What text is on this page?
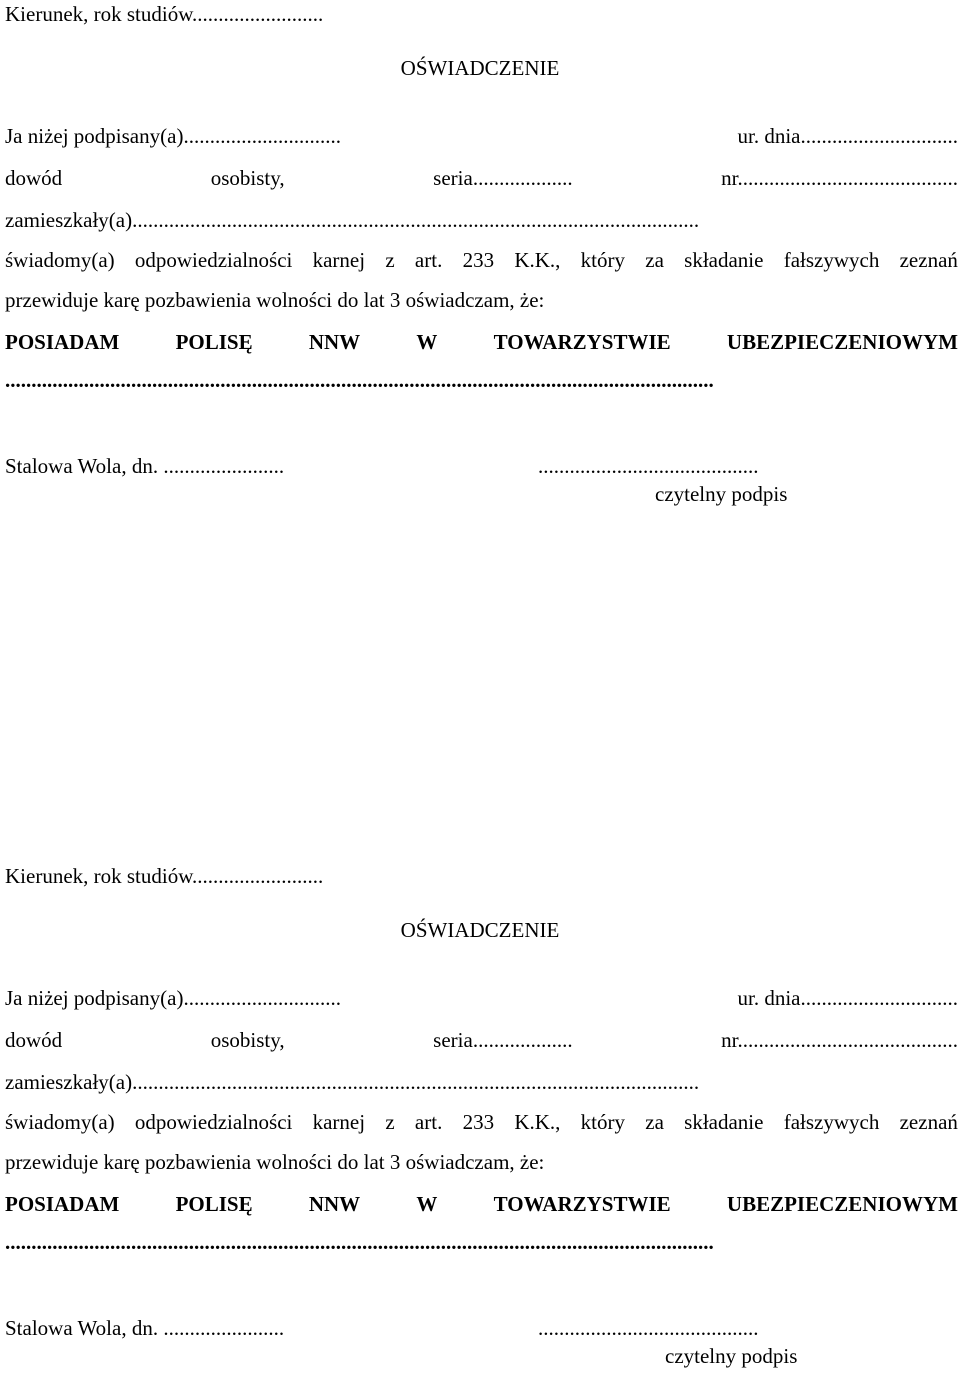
Kierunek, rok studiów.........................
OŚWIADCZENIE
Ja niżej podpisany(a)..............................	ur. dnia..............................
dowód	osobisty,	seria...................	nr..........................................
zamieszkały(a)............................................................................................................
świadomy(a) odpowiedzialności karnej z art. 233 K.K., który za składanie fałszywych zeznań
przewiduje karę pozbawienia wolności do lat 3 oświadczam, że:
POSIADAM	POLISĘ	NNW	W	TOWARZYSTWIE	UBEZPIECZENIOWYM
.......................................................................................................................................
Stalowa Wola, dn. .......................	..........................................
czytelny podpis
Kierunek, rok studiów.........................
OŚWIADCZENIE
Ja niżej podpisany(a)..............................	ur. dnia..............................
dowód	osobisty,	seria...................	nr..........................................
zamieszkały(a)............................................................................................................
świadomy(a) odpowiedzialności karnej z art. 233 K.K., który za składanie fałszywych zeznań
przewiduje karę pozbawienia wolności do lat 3 oświadczam, że:
POSIADAM	POLISĘ	NNW	W	TOWARZYSTWIE	UBEZPIECZENIOWYM
.......................................................................................................................................
Stalowa Wola, dn. .......................	..........................................
czytelny podpis
